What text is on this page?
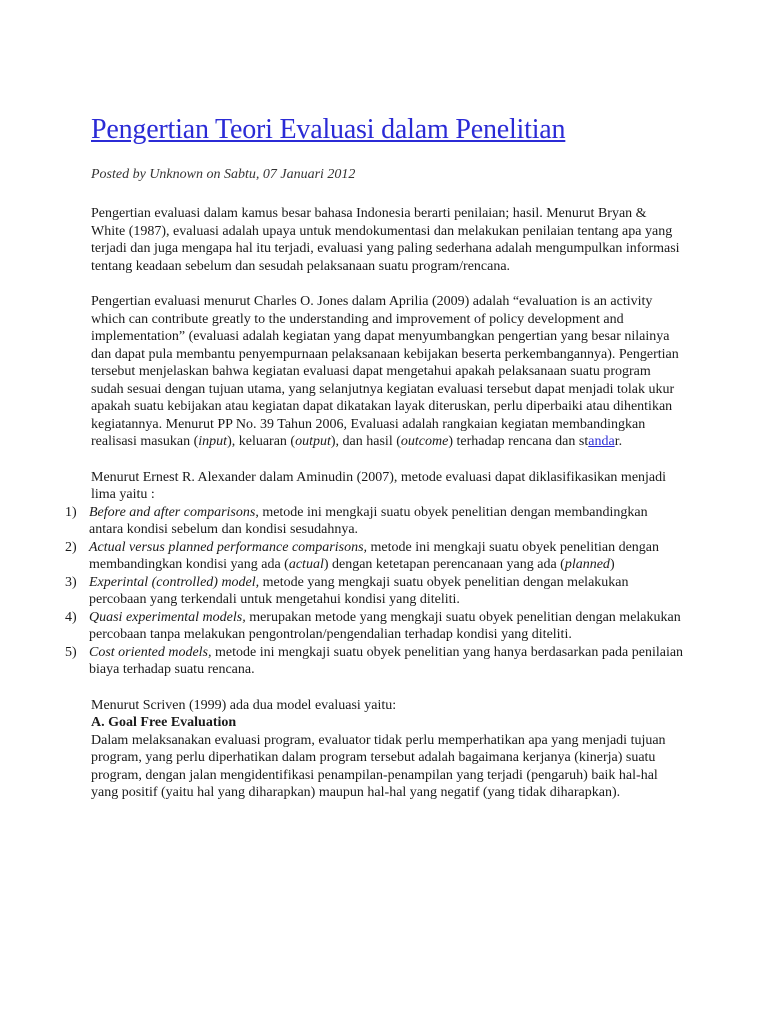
Pengertian Teori Evaluasi dalam Penelitian
Posted by Unknown on Sabtu, 07 Januari 2012

Pengertian evaluasi dalam kamus besar bahasa Indonesia berarti penilaian; hasil. Menurut Bryan & White (1987), evaluasi adalah upaya untuk mendokumentasi dan melakukan penilaian tentang apa yang terjadi dan juga mengapa hal itu terjadi, evaluasi yang paling sederhana adalah mengumpulkan informasi tentang keadaan sebelum dan sesudah pelaksanaan suatu program/rencana.

Pengertian evaluasi menurut Charles O. Jones dalam Aprilia (2009) adalah “evaluation is an activity which can contribute greatly to the understanding and improvement of policy development and implementation” (evaluasi adalah kegiatan yang dapat menyumbangkan pengertian yang besar nilainya dan dapat pula membantu penyempurnaan pelaksanaan kebijakan beserta perkembangannya). Pengertian tersebut menjelaskan bahwa kegiatan evaluasi dapat mengetahui apakah pelaksanaan suatu program sudah sesuai dengan tujuan utama, yang selanjutnya kegiatan evaluasi tersebut dapat menjadi tolak ukur apakah suatu kebijakan atau kegiatan dapat dikatakan layak diteruskan, perlu diperbaiki atau dihentikan kegiatannya. Menurut PP No. 39 Tahun 2006, Evaluasi adalah rangkaian kegiatan membandingkan realisasi masukan (input), keluaran (output), dan hasil (outcome) terhadap rencana dan standar.

Menurut Ernest R. Alexander dalam Aminudin (2007), metode evaluasi dapat diklasifikasikan menjadi lima yaitu :

1) Before and after comparisons, metode ini mengkaji suatu obyek penelitian dengan membandingkan antara kondisi sebelum dan kondisi sesudahnya.
2) Actual versus planned performance comparisons, metode ini mengkaji suatu obyek penelitian dengan membandingkan kondisi yang ada (actual) dengan ketetapan perencanaan yang ada (planned)
3) Experintal (controlled) model, metode yang mengkaji suatu obyek penelitian dengan melakukan percobaan yang terkendali untuk mengetahui kondisi yang diteliti.
4) Quasi experimental models, merupakan metode yang mengkaji suatu obyek penelitian dengan melakukan percobaan tanpa melakukan pengontrolan/pengendalian terhadap kondisi yang diteliti.
5) Cost oriented models, metode ini mengkaji suatu obyek penelitian yang hanya berdasarkan pada penilaian biaya terhadap suatu rencana.

Menurut Scriven (1999) ada dua model evaluasi yaitu:

A. Goal Free Evaluation

Dalam melaksanakan evaluasi program, evaluator tidak perlu memperhatikan apa yang menjadi tujuan program, yang perlu diperhatikan dalam program tersebut adalah bagaimana kerjanya (kinerja) suatu program, dengan jalan mengidentifikasi penampilan-penampilan yang terjadi (pengaruh) baik hal-hal yang positif (yaitu hal yang diharapkan) maupun hal-hal yang negatif (yang tidak diharapkan).
